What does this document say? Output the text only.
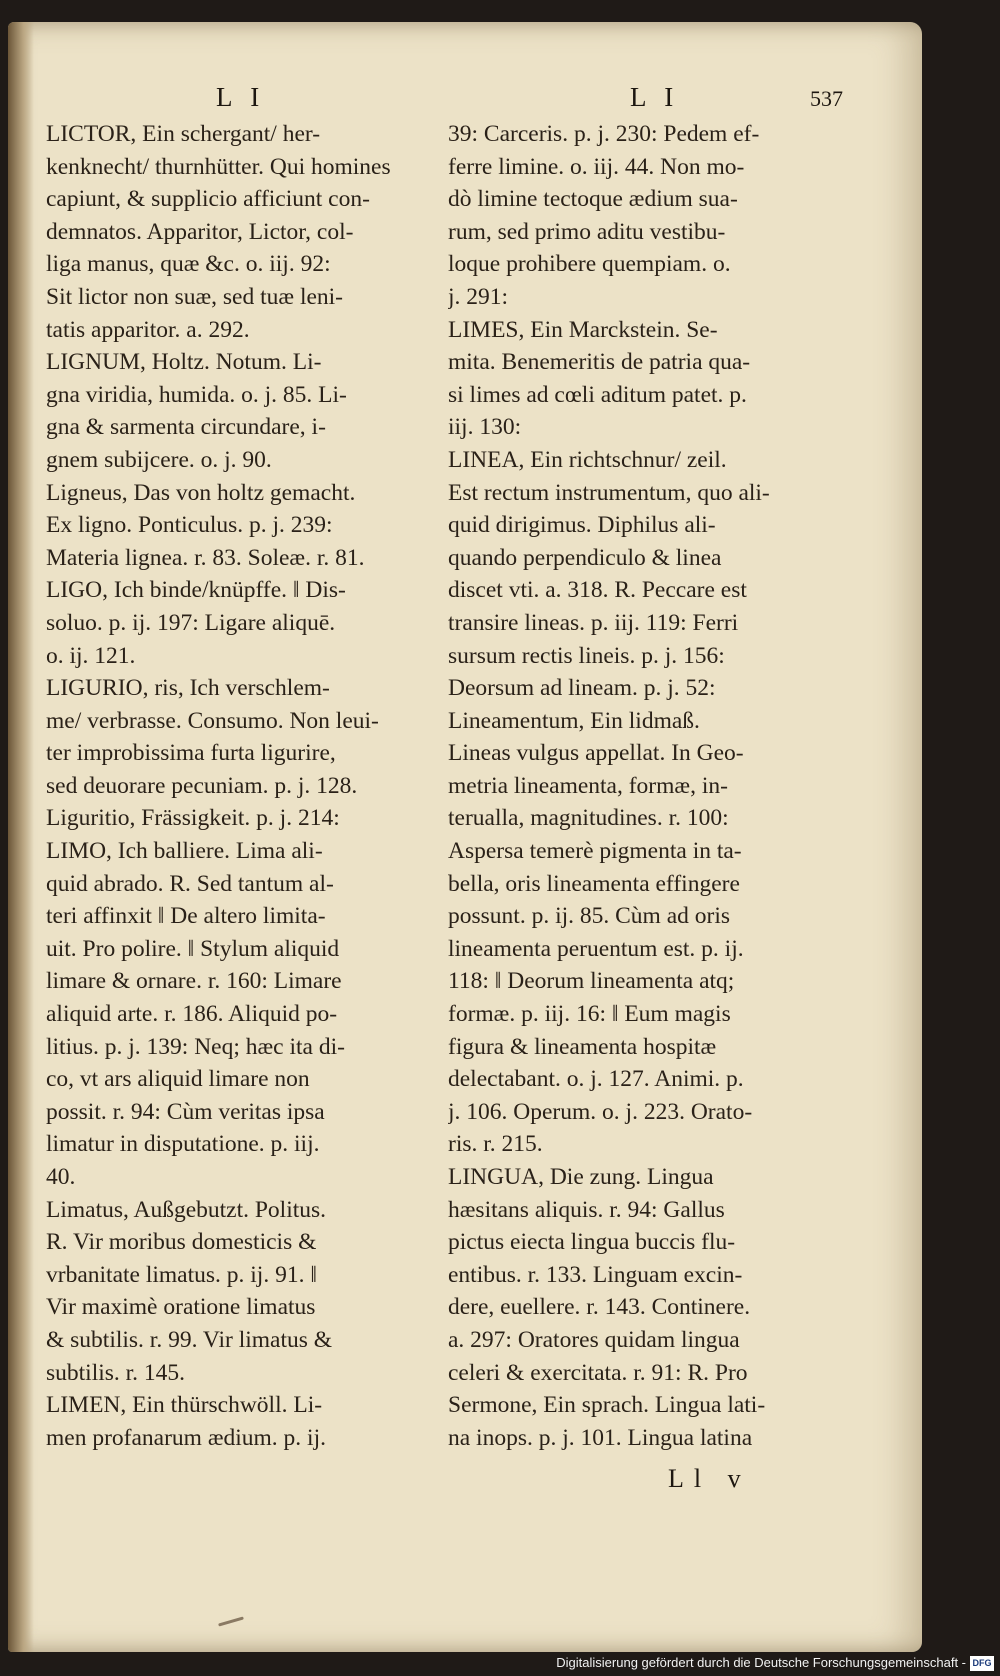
L I	L I	537

LICTOR, Ein schergant/ her-

kenknecht/ thurnhütter. Qui homines

capiunt, & supplicio afficiunt con-

demnatos. Apparitor, Lictor, col-

liga manus, quæ &c. o. iij. 92:

Sit lictor non suæ, sed tuæ leni-

tatis apparitor. a. 292.

LIGNUM, Holtz. Notum. Li-

gna viridia, humida. o. j. 85. Li-

gna & sarmenta circundare, i-

gnem subijcere. o. j. 90.

Ligneus, Das von holtz gemacht.

Ex ligno. Ponticulus. p. j. 239:

Materia lignea. r. 83. Soleæ. r. 81.

LIGO, Ich binde/knüpffe. ‖ Dis-

soluo. p. ij. 197: Ligare aliquē.

o. ij. 121.

LIGURIO, ris, Ich verschlem-

me/ verbrasse. Consumo. Non leui-

ter improbissima furta ligurire,

sed deuorare pecuniam. p. j. 128.

Liguritio, Frässigkeit. p. j. 214:

LIMO, Ich balliere. Lima ali-

quid abrado. R. Sed tantum al-

teri affinxit ‖ De altero limita-

uit. Pro polire. ‖ Stylum aliquid

limare & ornare. r. 160: Limare

aliquid arte. r. 186. Aliquid po-

litius. p. j. 139: Neq; hæc ita di-

co, vt ars aliquid limare non

possit. r. 94: Cùm veritas ipsa

limatur in disputatione. p. iij.

40.

Limatus, Außgebutzt. Politus.

R. Vir moribus domesticis &

vrbanitate limatus. p. ij. 91. ‖

Vir maximè oratione limatus

& subtilis. r. 99. Vir limatus &

subtilis. r. 145.

LIMEN, Ein thürschwöll. Li-

men profanarum ædium. p. ij.

39: Carceris. p. j. 230: Pedem ef-

ferre limine. o. iij. 44. Non mo-

dò limine tectoque ædium sua-

rum, sed primo aditu vestibu-

loque prohibere quempiam. o.

j. 291:

LIMES, Ein Marckstein. Se-

mita. Benemeritis de patria qua-

si limes ad cœli aditum patet. p.

iij. 130:

LINEA, Ein richtschnur/ zeil.

Est rectum instrumentum, quo ali-

quid dirigimus. Diphilus ali-

quando perpendiculo & linea

discet vti. a. 318. R. Peccare est

transire lineas. p. iij. 119: Ferri

sursum rectis lineis. p. j. 156:

Deorsum ad lineam. p. j. 52:

Lineamentum, Ein lidmaß.

Lineas vulgus appellat. In Geo-

metria lineamenta, formæ, in-

terualla, magnitudines. r. 100:

Aspersa temerè pigmenta in ta-

bella, oris lineamenta effingere

possunt. p. ij. 85. Cùm ad oris

lineamenta peruentum est. p. ij.

118: ‖ Deorum lineamenta atq;

formæ. p. iij. 16: ‖ Eum magis

figura & lineamenta hospitæ

delectabant. o. j. 127. Animi. p.

j. 106. Operum. o. j. 223. Orato-

ris. r. 215.

LINGUA, Die zung. Lingua

hæsitans aliquis. r. 94: Gallus

pictus eiecta lingua buccis flu-

entibus. r. 133. Linguam excin-

dere, euellere. r. 143. Continere.

a. 297: Oratores quidam lingua

celeri & exercitata. r. 91: R. Pro

Sermone, Ein sprach. Lingua lati-

na inops. p. j. 101. Lingua latina

Ll v
Digitalisierung gefördert durch die Deutsche Forschungsgemeinschaft - DFG
